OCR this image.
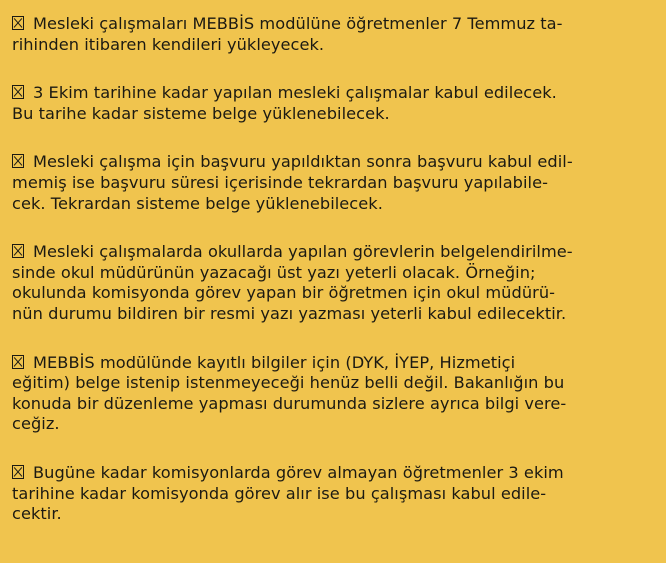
Mesleki çalışmaları MEBBİS modülüne öğretmenler 7 Temmuz ta-
rihinden itibaren kendileri yükleyecek.
3 Ekim tarihine kadar yapılan mesleki çalışmalar kabul edilecek.
Bu tarihe kadar sisteme belge yüklenebilecek.
Mesleki çalışma için başvuru yapıldıktan sonra başvuru kabul edil-
memiş ise başvuru süresi içerisinde tekrardan başvuru yapılabile-
cek. Tekrardan sisteme belge yüklenebilecek.
Mesleki çalışmalarda okullarda yapılan görevlerin belgelendirilme-
sinde okul müdürünün yazacağı üst yazı yeterli olacak. Örneğin;
okulunda komisyonda görev yapan bir öğretmen için okul müdürü-
nün durumu bildiren bir resmi yazı yazması yeterli kabul edilecektir.
MEBBİS modülünde kayıtlı bilgiler için (DYK, İYEP, Hizmetiçi
eğitim) belge istenip istenmeyeceği henüz belli değil. Bakanlığın bu
konuda bir düzenleme yapması durumunda sizlere ayrıca bilgi vere-
ceğiz.
Bugüne kadar komisyonlarda görev almayan öğretmenler 3 ekim
tarihine kadar komisyonda görev alır ise bu çalışması kabul edile-
cektir.
